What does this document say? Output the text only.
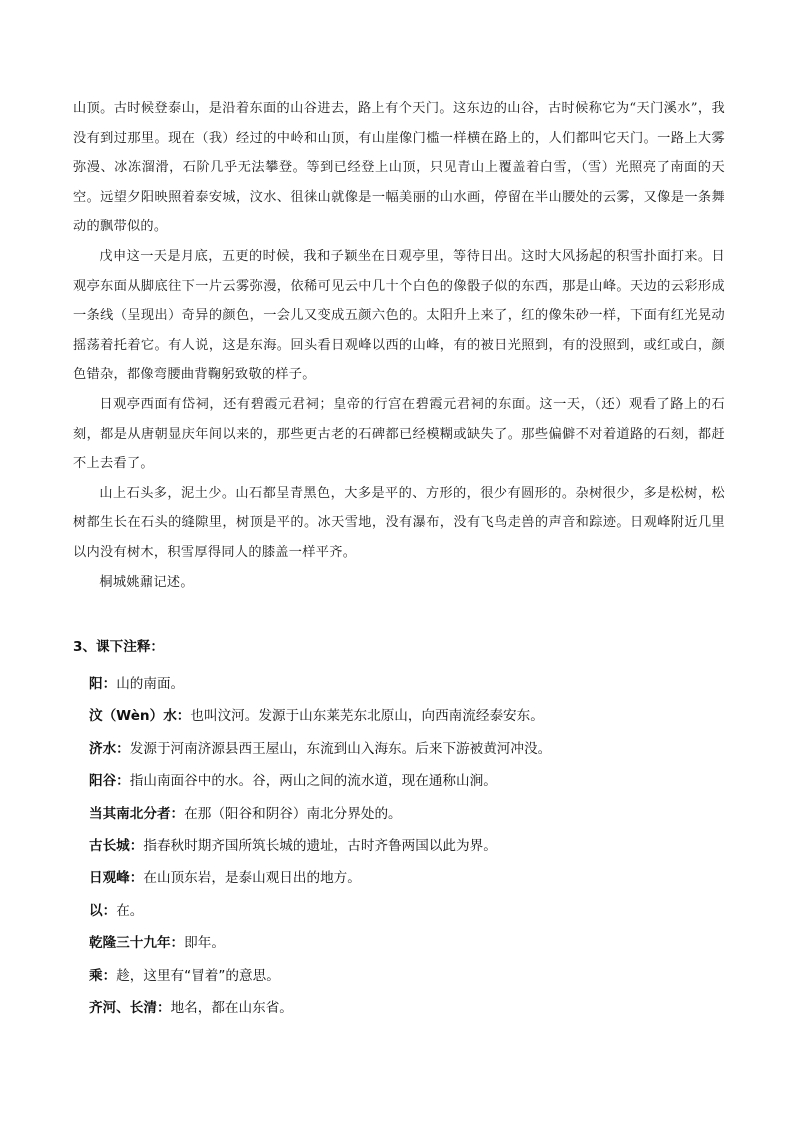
山顶。古时候登泰山，是沿着东面的山谷进去，路上有个天门。这东边的山谷，古时候称它为“天门溪水”，我没有到过那里。现在（我）经过的中岭和山顶，有山崖像门槛一样横在路上的，人们都叫它天门。一路上大雾弥漫、冰冻溜滑，石阶几乎无法攀登。等到已经登上山顶，只见青山上覆盖着白雪，（雪）光照亮了南面的天空。远望夕阳映照着泰安城，汶水、徂徕山就像是一幅美丽的山水画，停留在半山腰处的云雾，又像是一条舞动的飘带似的。

戊申这一天是月底，五更的时候，我和子颖坐在日观亭里，等待日出。这时大风扬起的积雪扑面打来。日观亭东面从脚底往下一片云雾弥漫，依稀可见云中几十个白色的像骰子似的东西，那是山峰。天边的云彩形成一条线（呈现出）奇异的颜色，一会儿又变成五颜六色的。太阳升上来了，红的像朱砂一样，下面有红光晃动摇荡着托着它。有人说，这是东海。回头看日观峰以西的山峰，有的被日光照到，有的没照到，或红或白，颜色错杂，都像弯腰曲背鞠躬致敬的样子。

日观亭西面有岱祠，还有碧霞元君祠；皇帝的行宫在碧霞元君祠的东面。这一天，（还）观看了路上的石刻，都是从唐朝显庆年间以来的，那些更古老的石碑都已经模糊或缺失了。那些偏僻不对着道路的石刻，都赶不上去看了。

山上石头多，泥土少。山石都呈青黑色，大多是平的、方形的，很少有圆形的。杂树很少，多是松树，松树都生长在石头的缝隙里，树顶是平的。冰天雪地，没有瀑布，没有飞鸟走兽的声音和踪迹。日观峰附近几里以内没有树木，积雪厚得同人的膝盖一样平齐。

桐城姚鼐记述。

3、课下注释：
阳：山的南面。
汶（Wèn）水：也叫汶河。发源于山东莱芜东北原山，向西南流经泰安东。
济水：发源于河南济源县西王屋山，东流到山入海东。后来下游被黄河冲没。
阳谷：指山南面谷中的水。谷，两山之间的流水道，现在通称山涧。
当其南北分者：在那（阳谷和阴谷）南北分界处的。
古长城：指春秋时期齐国所筑长城的遗址，古时齐鲁两国以此为界。
日观峰：在山顶东岩，是泰山观日出的地方。
以：在。
乾隆三十九年：即年。
乘：趁，这里有“冒着”的意思。
齐河、长清：地名，都在山东省。
